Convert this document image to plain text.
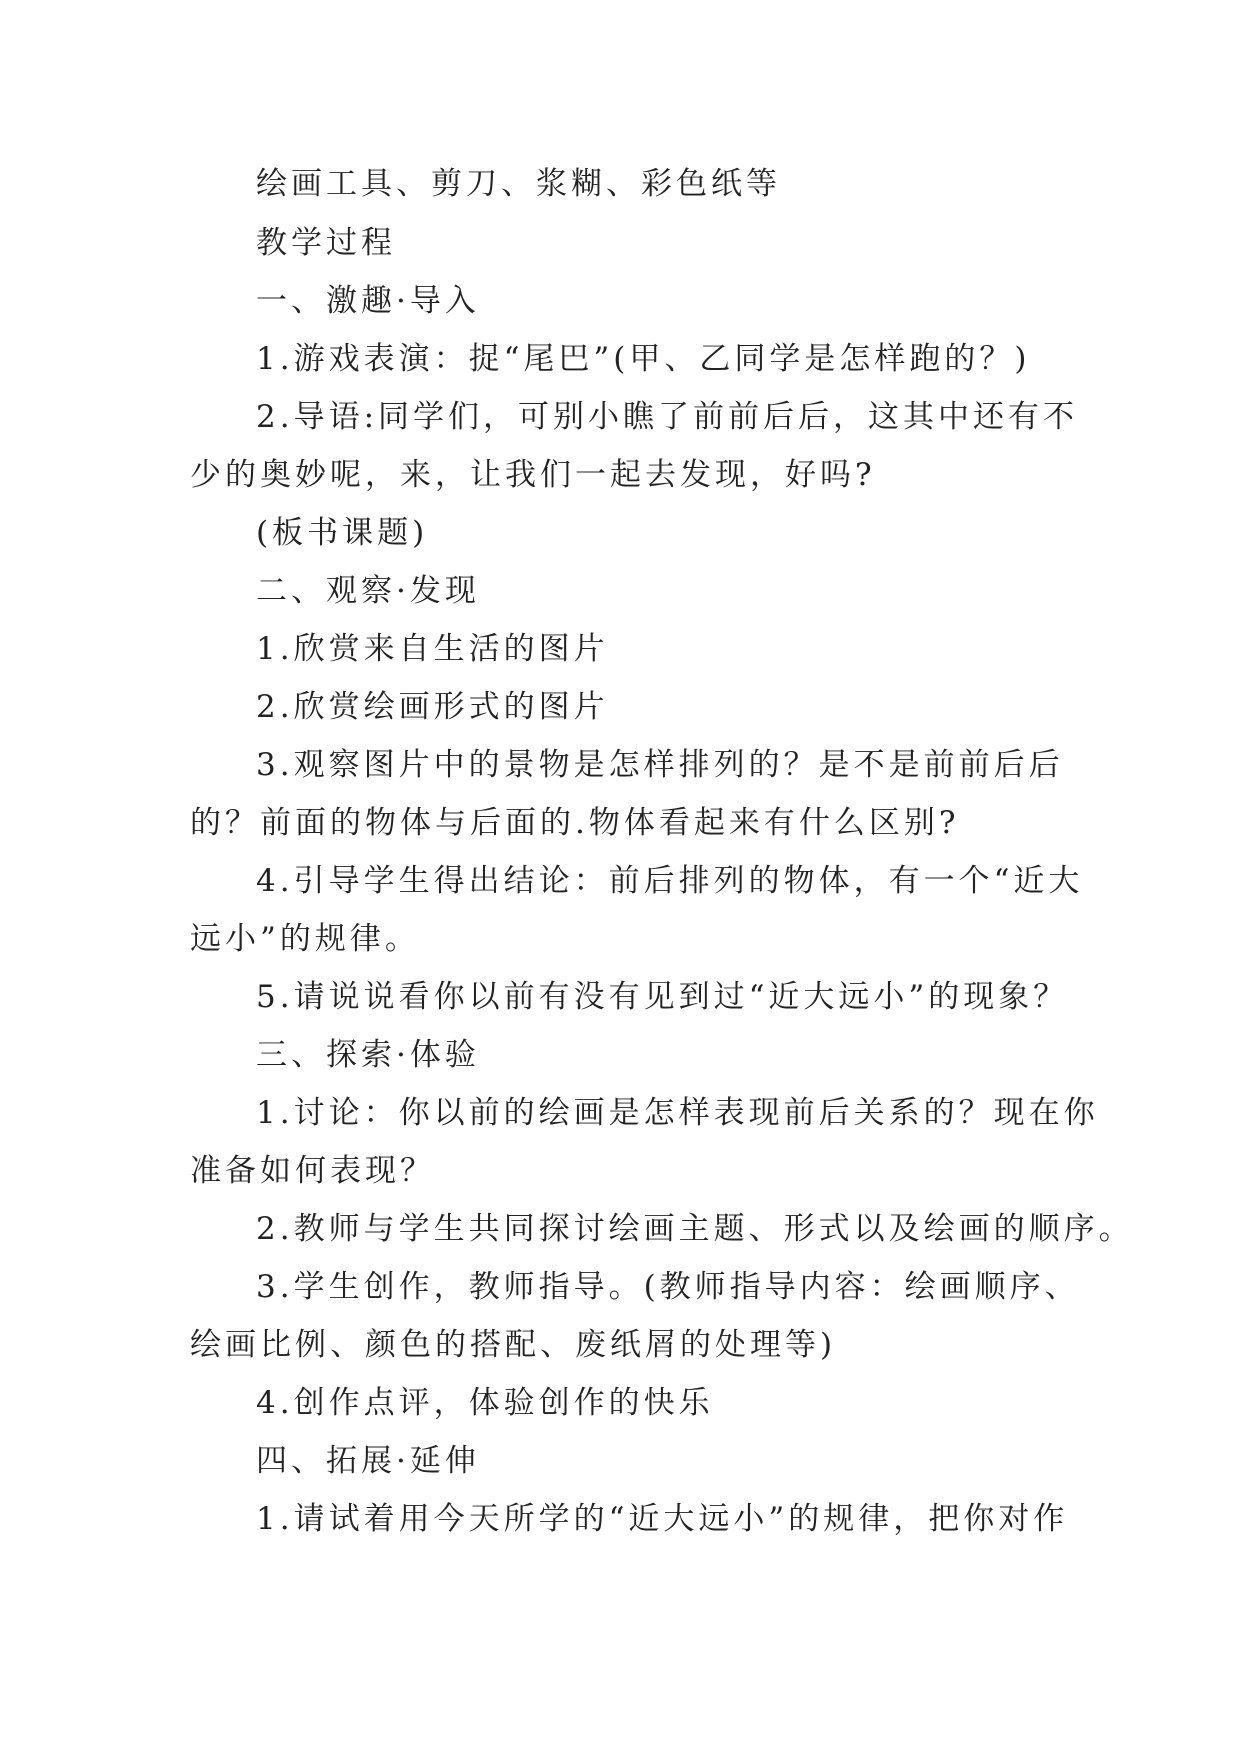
绘画工具、剪刀、浆糊、彩色纸等
教学过程
一、激趣·导入
1.游戏表演：捉“尾巴”(甲、乙同学是怎样跑的？)
2.导语:同学们，可别小瞧了前前后后，这其中还有不
少的奥妙呢，来，让我们一起去发现，好吗?
(板书课题)
二、观察·发现
1.欣赏来自生活的图片
2.欣赏绘画形式的图片
3.观察图片中的景物是怎样排列的？是不是前前后后
的？前面的物体与后面的.物体看起来有什么区别?
4.引导学生得出结论：前后排列的物体，有一个“近大
远小”的规律。
5.请说说看你以前有没有见到过“近大远小”的现象？
三、探索·体验
1.讨论：你以前的绘画是怎样表现前后关系的？现在你
准备如何表现？
2.教师与学生共同探讨绘画主题、形式以及绘画的顺序。
3.学生创作，教师指导。(教师指导内容：绘画顺序、
绘画比例、颜色的搭配、废纸屑的处理等)
4.创作点评，体验创作的快乐
四、拓展·延伸
1.请试着用今天所学的“近大远小”的规律，把你对作
